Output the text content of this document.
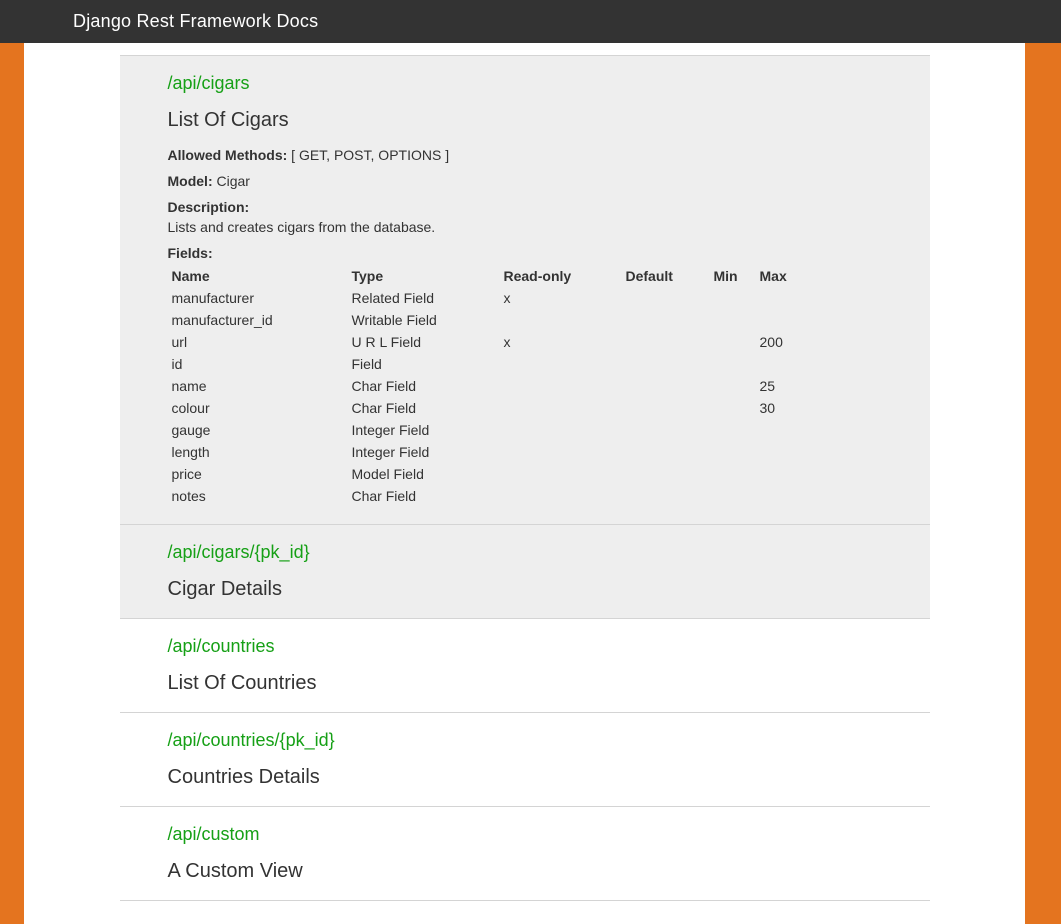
Django Rest Framework Docs

/api/cigars

List Of Cigars

Allowed Methods: [ GET, POST, OPTIONS ]

Model: Cigar

Description:
Lists and creates cigars from the database.

Fields:

Name	Type	Read-only	Default	Min	Max
manufacturer	Related Field	x			
manufacturer_id	Writable Field				
url	U R L Field	x			200
id	Field				
name	Char Field				25
colour	Char Field				30
gauge	Integer Field				
length	Integer Field				
price	Model Field				
notes	Char Field				

/api/cigars/{pk_id}

Cigar Details

/api/countries

List Of Countries

/api/countries/{pk_id}

Countries Details

/api/custom

A Custom View
